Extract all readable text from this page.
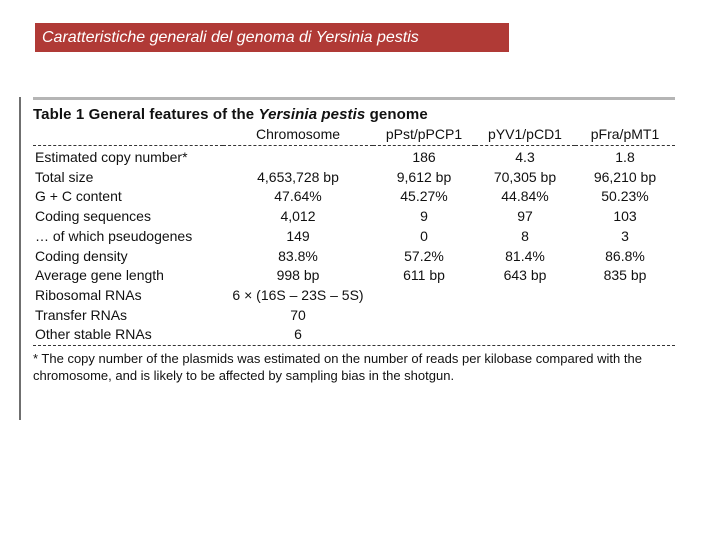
Caratteristiche generali del genoma di Yersinia pestis
Table 1 General features of the Yersinia pestis genome
	Chromosome	pPst/pPCP1	pYV1/pCD1	pFra/pMT1

Estimated copy number*		186	4.3	1.8
Total size	4,653,728 bp	9,612 bp	70,305 bp	96,210 bp
G + C content	47.64%	45.27%	44.84%	50.23%
Coding sequences	4,012	9	97	103
… of which pseudogenes	149	0	8	3
Coding density	83.8%	57.2%	81.4%	86.8%
Average gene length	998 bp	611 bp	643 bp	835 bp
Ribosomal RNAs	6 × (16S – 23S – 5S)			
Transfer RNAs	70			
Other stable RNAs	6			
* The copy number of the plasmids was estimated on the number of reads per kilobase compared with the chromosome, and is likely to be affected by sampling bias in the shotgun.
